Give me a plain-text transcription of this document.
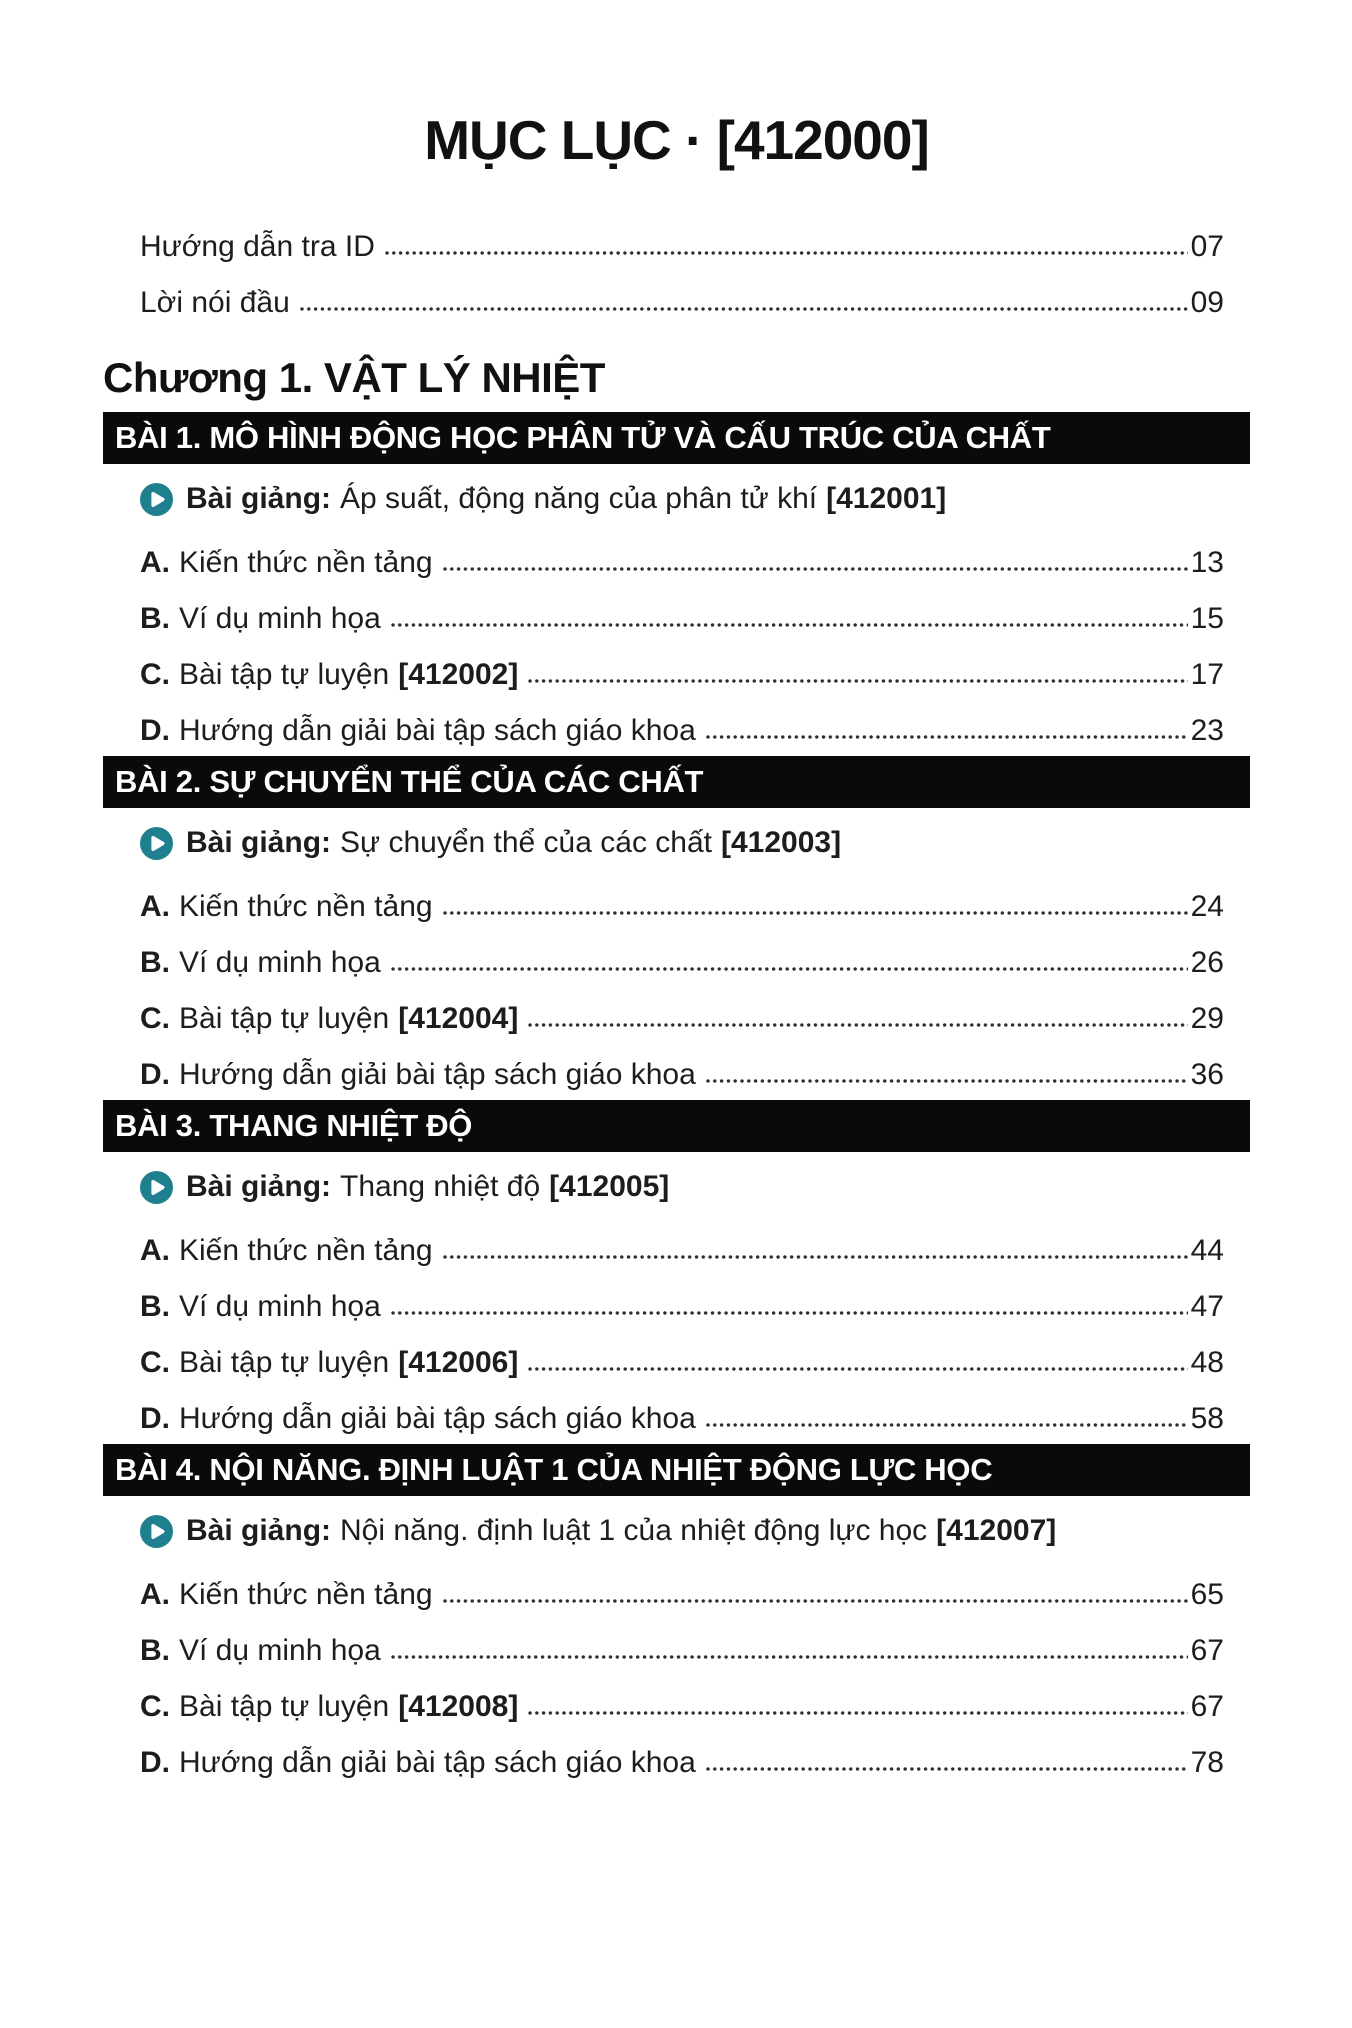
MỤC LỤC · [412000]
Hướng dẫn tra ID	07
Lời nói đầu	09
Chương 1. VẬT LÝ NHIỆT
BÀI 1. MÔ HÌNH ĐỘNG HỌC PHÂN TỬ VÀ CẤU TRÚC CỦA CHẤT
Bài giảng: Áp suất, động năng của phân tử khí [412001]
A. Kiến thức nền tảng	13
B. Ví dụ minh họa	15
C. Bài tập tự luyện [412002]	17
D. Hướng dẫn giải bài tập sách giáo khoa	23
BÀI 2. SỰ CHUYỂN THỂ CỦA CÁC CHẤT
Bài giảng: Sự chuyển thể của các chất [412003]
A. Kiến thức nền tảng	24
B. Ví dụ minh họa	26
C. Bài tập tự luyện [412004]	29
D. Hướng dẫn giải bài tập sách giáo khoa	36
BÀI 3. THANG NHIỆT ĐỘ
Bài giảng: Thang nhiệt độ [412005]
A. Kiến thức nền tảng	44
B. Ví dụ minh họa	47
C. Bài tập tự luyện [412006]	48
D. Hướng dẫn giải bài tập sách giáo khoa	58
BÀI 4. NỘI NĂNG. ĐỊNH LUẬT 1 CỦA NHIỆT ĐỘNG LỰC HỌC
Bài giảng: Nội năng. định luật 1 của nhiệt động lực học [412007]
A. Kiến thức nền tảng	65
B. Ví dụ minh họa	67
C. Bài tập tự luyện [412008]	67
D. Hướng dẫn giải bài tập sách giáo khoa	78
